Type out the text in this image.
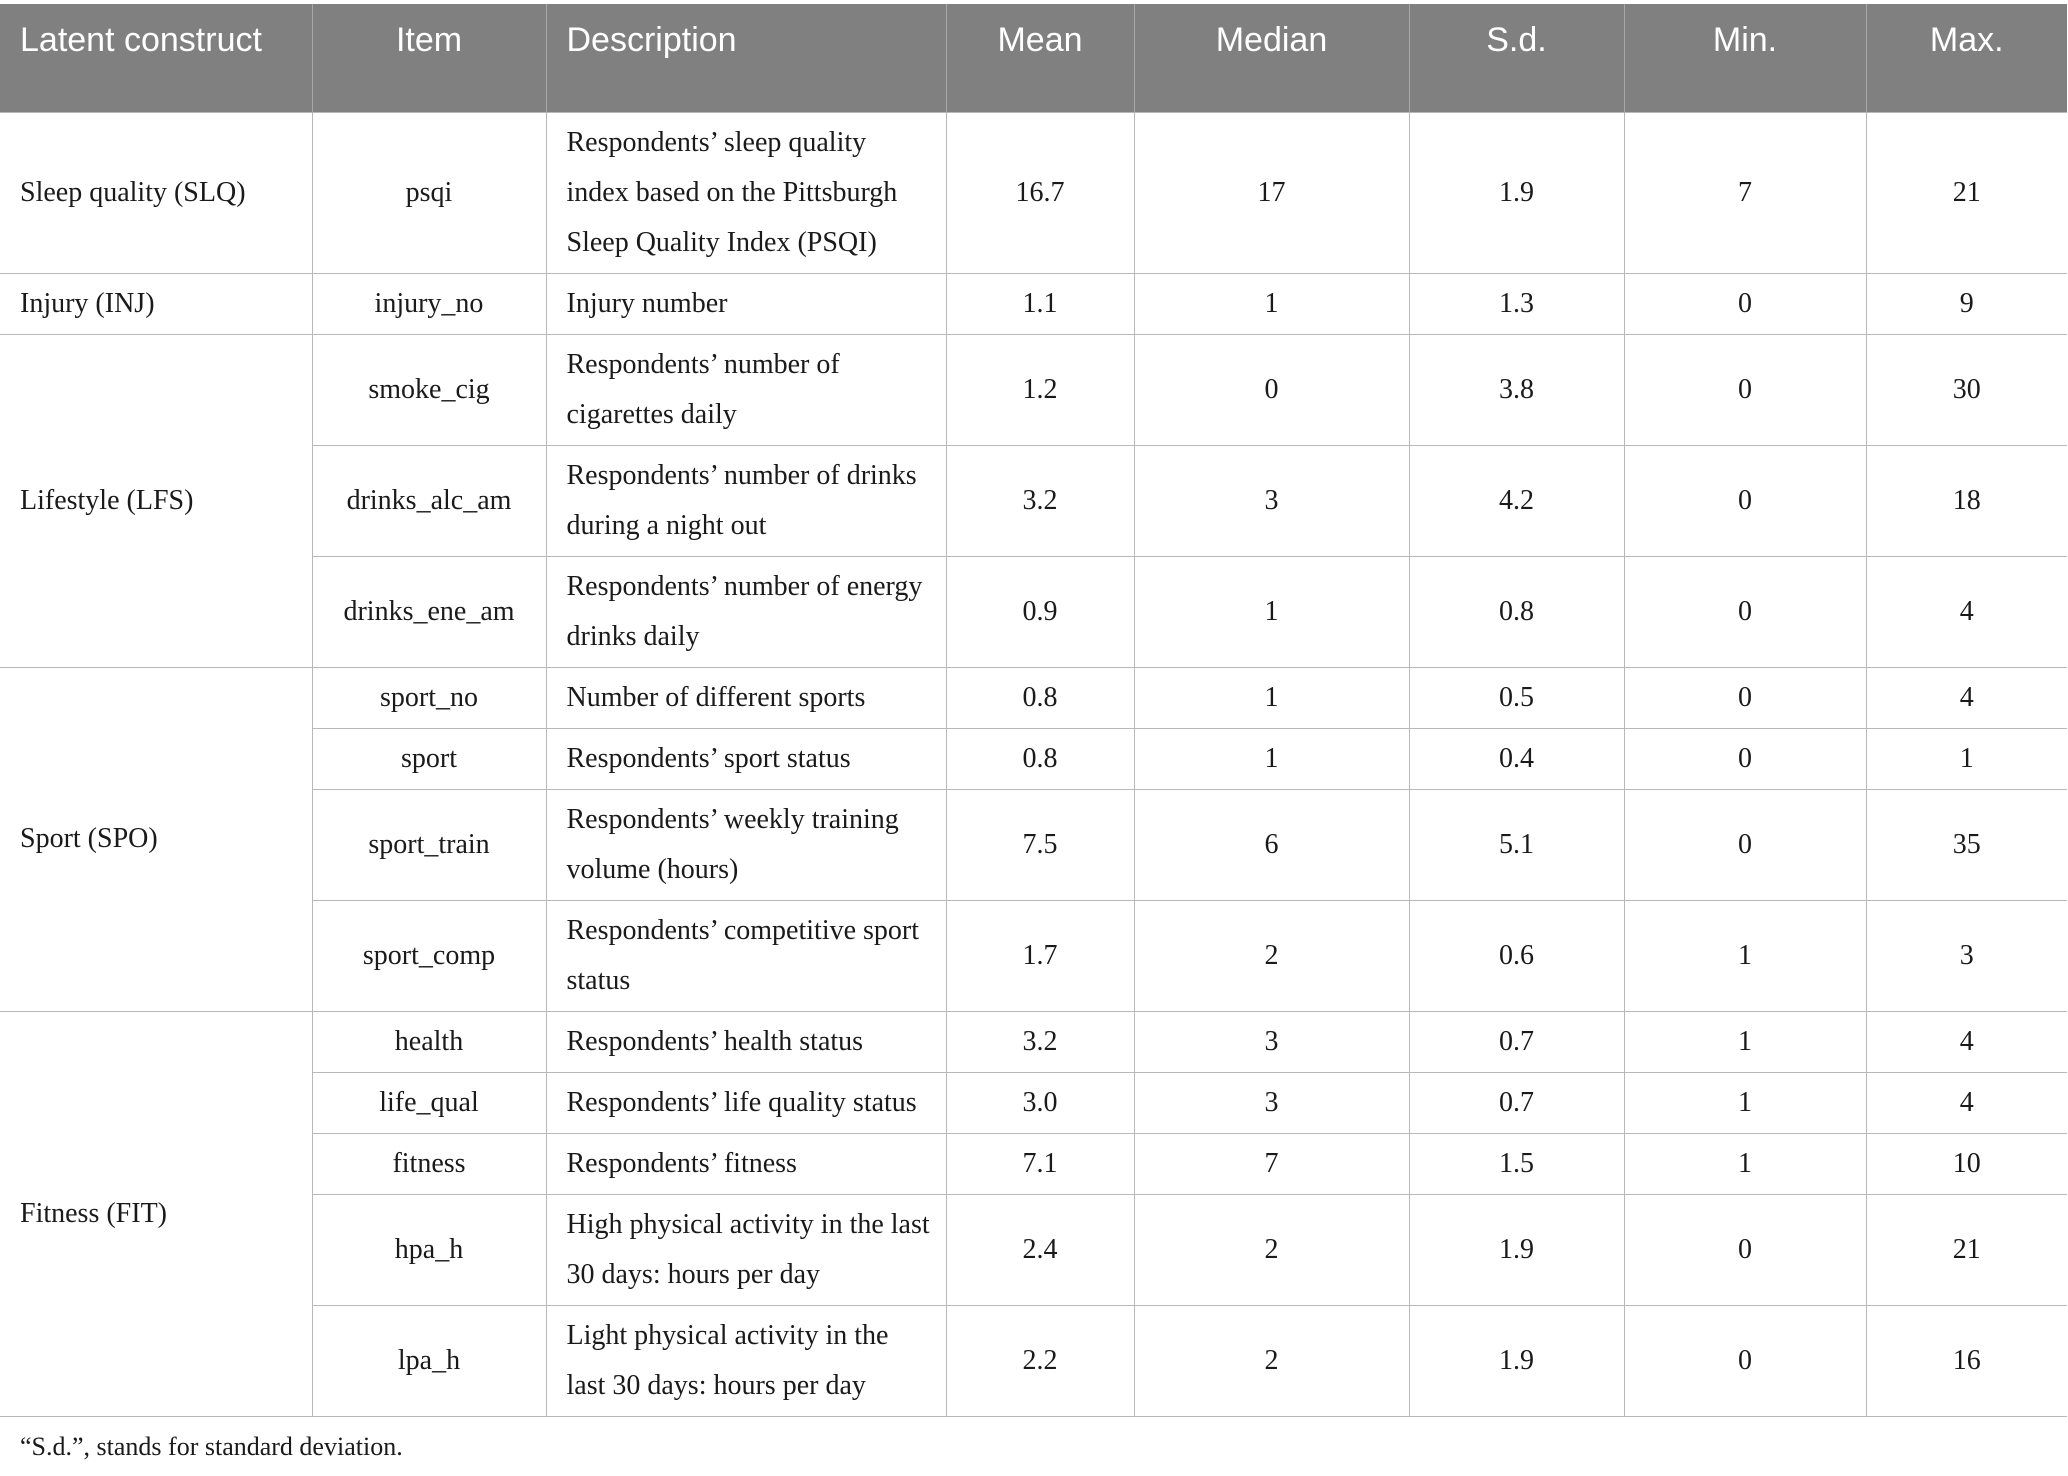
Latent construct	Item	Description	Mean	Median	S.d.	Min.	Max.
Sleep quality (SLQ)	psqi	Respondents’ sleep quality index based on the Pittsburgh Sleep Quality Index (PSQI)	16.7	17	1.9	7	21
Injury (INJ)	injury_no	Injury number	1.1	1	1.3	0	9
Lifestyle (LFS)	smoke_cig	Respondents’ number of cigarettes daily	1.2	0	3.8	0	30
	drinks_alc_am	Respondents’ number of drinks during a night out	3.2	3	4.2	0	18
	drinks_ene_am	Respondents’ number of energy drinks daily	0.9	1	0.8	0	4
Sport (SPO)	sport_no	Number of different sports	0.8	1	0.5	0	4
	sport	Respondents’ sport status	0.8	1	0.4	0	1
	sport_train	Respondents’ weekly training volume (hours)	7.5	6	5.1	0	35
	sport_comp	Respondents’ competitive sport status	1.7	2	0.6	1	3
Fitness (FIT)	health	Respondents’ health status	3.2	3	0.7	1	4
	life_qual	Respondents’ life quality status	3.0	3	0.7	1	4
	fitness	Respondents’ fitness	7.1	7	1.5	1	10
	hpa_h	High physical activity in the last 30 days: hours per day	2.4	2	1.9	0	21
	lpa_h	Light physical activity in the last 30 days: hours per day	2.2	2	1.9	0	16
“S.d.”, stands for standard deviation.
